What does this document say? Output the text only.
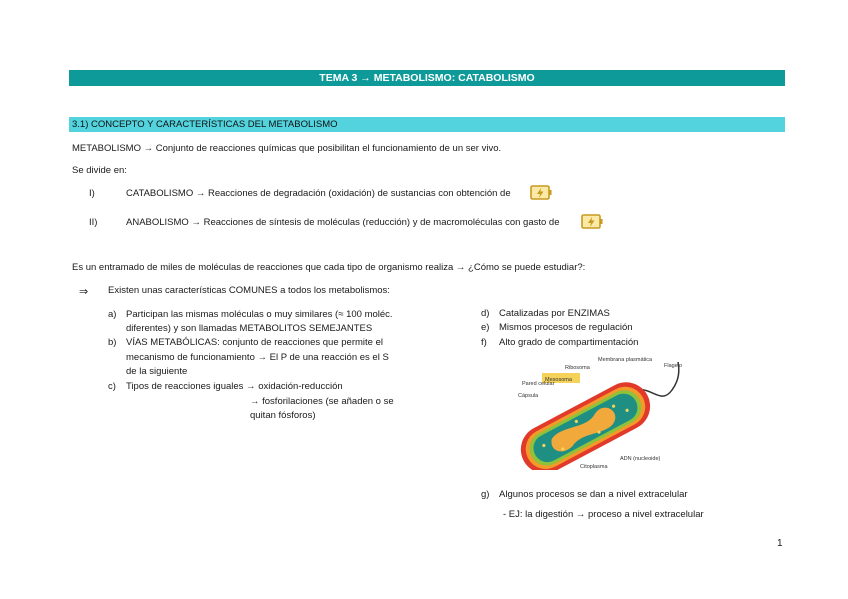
TEMA 3 → METABOLISMO: CATABOLISMO
3.1) CONCEPTO Y CARACTERÍSTICAS DEL METABOLISMO
METABOLISMO → Conjunto de reacciones químicas que posibilitan el funcionamiento de un ser vivo.
Se divide en:
I)	CATABOLISMO → Reacciones de degradación (oxidación) de sustancias con obtención de
II)	ANABOLISMO → Reacciones de síntesis de moléculas (reducción) y de macromoléculas con gasto de
Es un entramado de miles de moléculas de reacciones que cada tipo de organismo realiza → ¿Cómo se puede estudiar?:
⇒ Existen unas características COMUNES a todos los metabolismos:
a) Participan las mismas moléculas o muy similares (≈ 100 moléc.
diferentes) y son llamadas METABOLITOS SEMEJANTES
b) VÍAS METABÓLICAS: conjunto de reacciones que permite el
mecanismo de funcionamiento → El P de una reacción es el S
de la siguiente
c) Tipos de reacciones iguales → oxidación-reducción
→ fosforilaciones (se añaden o se
quitan fósforos)
d) Catalizadas por ENZIMAS
e) Mismos procesos de regulación
f) Alto grado de compartimentación
Mesosoma
Ribosoma
Membrana plasmática
Flagelo
Pared celular
Cápsula
ADN (nucleoide)
Citoplasma
g) Algunos procesos se dan a nivel extracelular
- EJ: la digestión → proceso a nivel extracelular
1
